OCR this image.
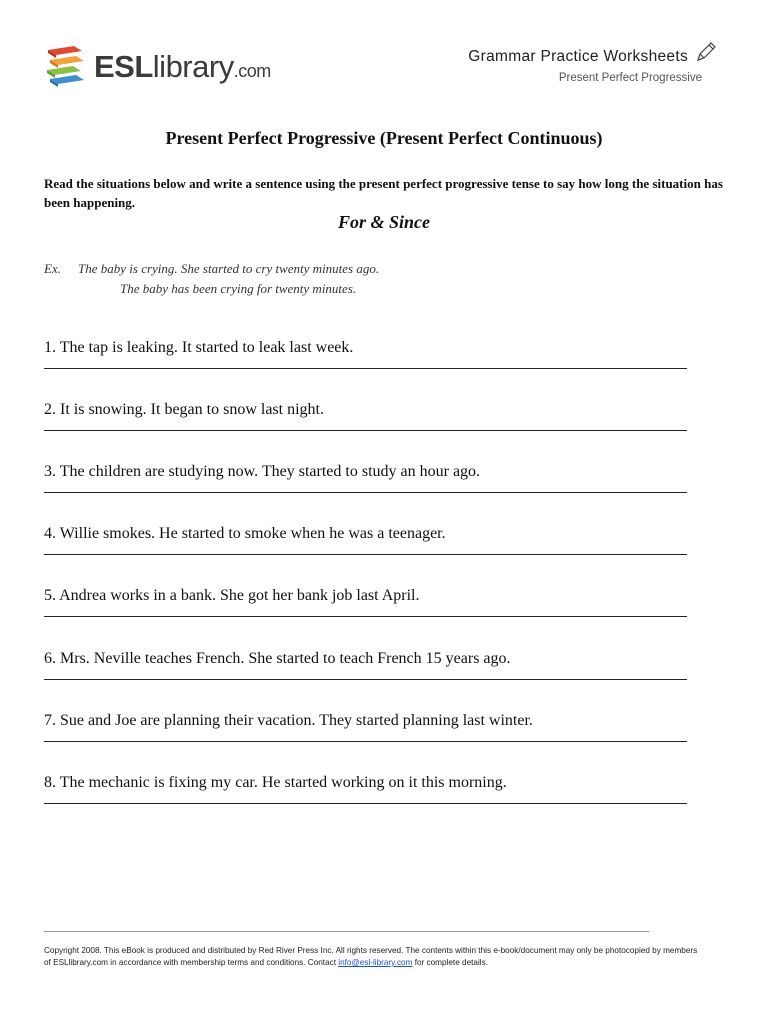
ESLlibrary.com
Grammar Practice Worksheets
Present Perfect Progressive
Present Perfect Progressive (Present Perfect Continuous)
Read the situations below and write a sentence using the present perfect progressive tense to say how long the situation has been happening.
For & Since
Ex. The baby is crying. She started to cry twenty minutes ago.
The baby has been crying for twenty minutes.
1. The tap is leaking. It started to leak last week.
2. It is snowing. It began to snow last night.
3. The children are studying now. They started to study an hour ago.
4. Willie smokes. He started to smoke when he was a teenager.
5. Andrea works in a bank. She got her bank job last April.
6. Mrs. Neville teaches French. She started to teach French 15 years ago.
7. Sue and Joe are planning their vacation. They started planning last winter.
8. The mechanic is fixing my car. He started working on it this morning.
Copyright 2008. This eBook is produced and distributed by Red River Press Inc. All rights reserved. The contents within this e-book/document may only be photocopied by members of ESLlibrary.com in accordance with membership terms and conditions. Contact info@esl-library.com for complete details.
